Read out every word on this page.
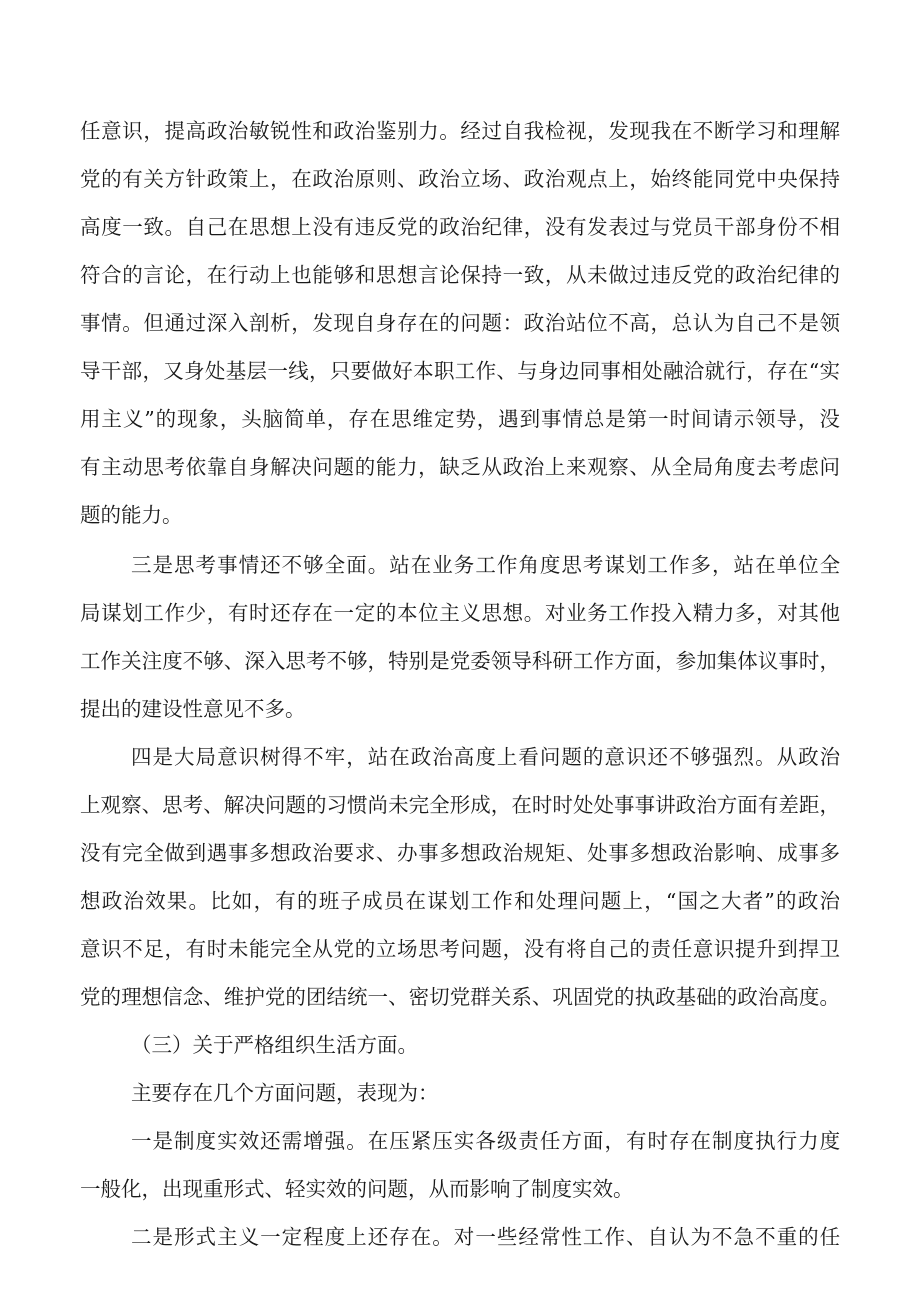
任意识，提高政治敏锐性和政治鉴别力。经过自我检视，发现我在不断学习和理解

党的有关方针政策上，在政治原则、政治立场、政治观点上，始终能同党中央保持

高度一致。自己在思想上没有违反党的政治纪律，没有发表过与党员干部身份不相

符合的言论，在行动上也能够和思想言论保持一致，从未做过违反党的政治纪律的

事情。但通过深入剖析，发现自身存在的问题：政治站位不高，总认为自己不是领

导干部，又身处基层一线，只要做好本职工作、与身边同事相处融洽就行，存在“实

用主义”的现象，头脑简单，存在思维定势，遇到事情总是第一时间请示领导，没

有主动思考依靠自身解决问题的能力，缺乏从政治上来观察、从全局角度去考虑问

题的能力。

三是思考事情还不够全面。站在业务工作角度思考谋划工作多，站在单位全

局谋划工作少，有时还存在一定的本位主义思想。对业务工作投入精力多，对其他

工作关注度不够、深入思考不够，特别是党委领导科研工作方面，参加集体议事时，

提出的建设性意见不多。

四是大局意识树得不牢，站在政治高度上看问题的意识还不够强烈。从政治

上观察、思考、解决问题的习惯尚未完全形成，在时时处处事事讲政治方面有差距，

没有完全做到遇事多想政治要求、办事多想政治规矩、处事多想政治影响、成事多

想政治效果。比如，有的班子成员在谋划工作和处理问题上，“国之大者”的政治

意识不足，有时未能完全从党的立场思考问题，没有将自己的责任意识提升到捍卫

党的理想信念、维护党的团结统一、密切党群关系、巩固党的执政基础的政治高度。

（三）关于严格组织生活方面。

主要存在几个方面问题，表现为：

一是制度实效还需增强。在压紧压实各级责任方面，有时存在制度执行力度

一般化，出现重形式、轻实效的问题，从而影响了制度实效。

二是形式主义一定程度上还存在。对一些经常性工作、自认为不急不重的任
